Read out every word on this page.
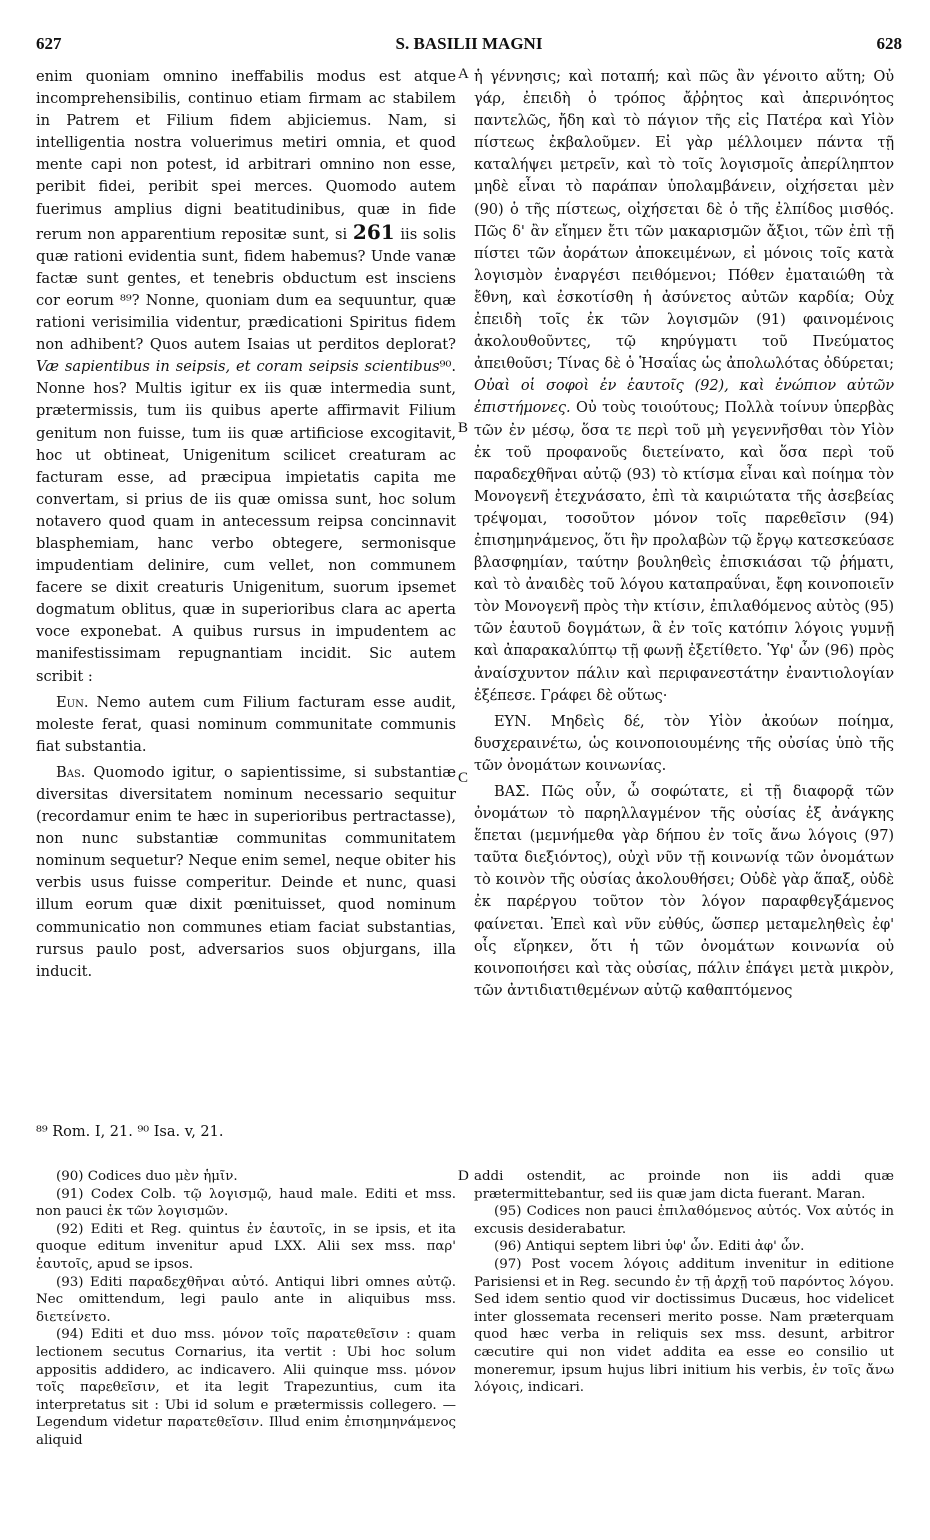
627	S. BASILII MAGNI	628

enim quoniam omnino ineffabilis modus est atque incomprehensibilis, continuo etiam firmam ac stabilem in Patrem et Filium fidem abjiciemus. Nam, si intelligentia nostra voluerimus metiri omnia, et quod mente capi non potest, id arbitrari omnino non esse, peribit fidei, peribit spei merces. Quomodo autem fuerimus amplius digni beatitudinibus, quæ in fide rerum non apparentium repositæ sunt, si 261 iis solis quæ rationi evidentia sunt, fidem habemus? Unde vanæ factæ sunt gentes, et tenebris obductum est insciens cor eorum ⁸⁹? Nonne, quoniam dum ea sequuntur, quæ rationi verisimilia videntur, prædicationi Spiritus fidem non adhibent? Quos autem Isaias ut perditos deplorat? Væ sapientibus in seipsis, et coram seipsis scientibus⁹⁰. Nonne hos? Multis igitur ex iis quæ intermedia sunt, prætermissis, tum iis quibus aperte affirmavit Filium genitum non fuisse, tum iis quæ artificiose excogitavit, hoc ut obtineat, Unigenitum scilicet creaturam ac facturam esse, ad præcipua impietatis capita me convertam, si prius de iis quæ omissa sunt, hoc solum notavero quod quam in antecessum reipsa concinnavit blasphemiam, hanc verbo obtegere, sermonisque impudentiam delinire, cum vellet, non communem facere se dixit creaturis Unigenitum, suorum ipsemet dogmatum oblitus, quæ in superioribus clara ac aperta voce exponebat. A quibus rursus in impudentem ac manifestissimam repugnantiam incidit. Sic autem scribit :

Eun. Nemo autem cum Filium facturam esse audit, moleste ferat, quasi nominum communitate communis fiat substantia.

Bas. Quomodo igitur, o sapientissime, si substantiæ diversitas diversitatem nominum necessario sequitur (recordamur enim te hæc in superioribus pertractasse), non nunc substantiæ communitas communitatem nominum sequetur? Neque enim semel, neque obiter his verbis usus fuisse comperitur. Deinde et nunc, quasi illum eorum quæ dixit pœnituisset, quod nominum communicatio non communes etiam faciat substantias, rursus paulo post, adversarios suos objurgans, illa inducit.

A
B
C
D

ἡ γέννησις; καὶ ποταπή; καὶ πῶς ἂν γένοιτο αὕτη; Οὐ γάρ, ἐπειδὴ ὁ τρόπος ἄῤῥητος καὶ ἀπερινόητος παντελῶς, ἤδη καὶ τὸ πάγιον τῆς εἰς Πατέρα καὶ Υἱὸν πίστεως ἐκβαλοῦμεν. Εἰ γὰρ μέλλοιμεν πάντα τῇ καταλήψει μετρεῖν, καὶ τὸ τοῖς λογισμοῖς ἀπερίληπτον μηδὲ εἶναι τὸ παράπαν ὑπολαμβάνειν, οἰχήσεται μὲν (90) ὁ τῆς πίστεως, οἰχήσεται δὲ ὁ τῆς ἐλπίδος μισθός. Πῶς δ' ἂν εἴημεν ἔτι τῶν μακαρισμῶν ἄξιοι, τῶν ἐπὶ τῇ πίστει τῶν ἀοράτων ἀποκειμένων, εἰ μόνοις τοῖς κατὰ λογισμὸν ἐναργέσι πειθόμενοι; Πόθεν ἐματαιώθη τὰ ἔθνη, καὶ ἐσκοτίσθη ἡ ἀσύνετος αὐτῶν καρδία; Οὐχ ἐπειδὴ τοῖς ἐκ τῶν λογισμῶν (91) φαινομένοις ἀκολουθοῦντες, τῷ κηρύγματι τοῦ Πνεύματος ἀπειθοῦσι; Τίνας δὲ ὁ Ἡσαΐας ὡς ἀπολωλότας ὀδύρεται; Οὐαὶ οἱ σοφοὶ ἐν ἑαυτοῖς (92), καὶ ἐνώπιον αὐτῶν ἐπιστήμονες. Οὐ τοὺς τοιούτους; Πολλὰ τοίνυν ὑπερβὰς τῶν ἐν μέσῳ, ὅσα τε περὶ τοῦ μὴ γεγεννῆσθαι τὸν Υἱὸν ἐκ τοῦ προφανοῦς διετείνατο, καὶ ὅσα περὶ τοῦ παραδεχθῆναι αὐτῷ (93) τὸ κτίσμα εἶναι καὶ ποίημα τὸν Μονογενῆ ἐτεχνάσατο, ἐπὶ τὰ καιριώτατα τῆς ἀσεβείας τρέψομαι, τοσοῦτον μόνον τοῖς παρεθεῖσιν (94) ἐπισημηνάμενος, ὅτι ἣν προλαβὼν τῷ ἔργῳ κατεσκεύασε βλασφημίαν, ταύτην βουληθεὶς ἐπισκιάσαι τῷ ῥήματι, καὶ τὸ ἀναιδὲς τοῦ λόγου καταπραΰναι, ἔφη κοινοποιεῖν τὸν Μονογενῆ πρὸς τὴν κτίσιν, ἐπιλαθόμενος αὐτὸς (95) τῶν ἑαυτοῦ δογμάτων, ἃ ἐν τοῖς κατόπιν λόγοις γυμνῇ καὶ ἀπαρακαλύπτῳ τῇ φωνῇ ἐξετίθετο. Ὑφ' ὧν (96) πρὸς ἀναίσχυντον πάλιν καὶ περιφανεστάτην ἐναντιολογίαν ἐξέπεσε. Γράφει δὲ οὕτως·

ΕΥΝ. Μηδεὶς δέ, τὸν Υἱὸν ἀκούων ποίημα, δυσχεραινέτω, ὡς κοινοποιουμένης τῆς οὐσίας ὑπὸ τῆς τῶν ὀνομάτων κοινωνίας.

ΒΑΣ. Πῶς οὖν, ὦ σοφώτατε, εἰ τῇ διαφορᾷ τῶν ὀνομάτων τὸ παρηλλαγμένον τῆς οὐσίας ἐξ ἀνάγκης ἕπεται (μεμνήμεθα γὰρ δήπου ἐν τοῖς ἄνω λόγοις (97) ταῦτα διεξιόντος), οὐχὶ νῦν τῇ κοινωνίᾳ τῶν ὀνομάτων τὸ κοινὸν τῆς οὐσίας ἀκολουθήσει; Οὐδὲ γὰρ ἅπαξ, οὐδὲ ἐκ παρέργου τοῦτον τὸν λόγον παραφθεγξάμενος φαίνεται. Ἐπεὶ καὶ νῦν εὐθύς, ὥσπερ μεταμεληθεὶς ἐφ' οἷς εἴρηκεν, ὅτι ἡ τῶν ὀνομάτων κοινωνία οὐ κοινοποιήσει καὶ τὰς οὐσίας, πάλιν ἐπάγει μετὰ μικρὸν, τῶν ἀντιδιατιθεμένων αὐτῷ καθαπτόμενος

⁸⁹ Rom. I, 21. ⁹⁰ Isa. v, 21.

(90) Codices duo μὲν ἡμῖν.

(91) Codex Colb. τῷ λογισμῷ, haud male. Editi et mss. non pauci ἐκ τῶν λογισμῶν.

(92) Editi et Reg. quintus ἐν ἑαυτοῖς, in se ipsis, et ita quoque editum invenitur apud LXX. Alii sex mss. παρ' ἑαυτοῖς, apud se ipsos.

(93) Editi παραδεχθῆναι αὐτό. Antiqui libri omnes αὐτῷ. Nec omittendum, legi paulo ante in aliquibus mss. διετείνετο.

(94) Editi et duo mss. μόνον τοῖς παρατεθεῖσιν : quam lectionem secutus Cornarius, ita vertit : Ubi hoc solum appositis addidero, ac indicavero. Alii quinque mss. μόνον τοῖς παρεθεῖσιν, et ita legit Trapezuntius, cum ita interpretatus sit : Ubi id solum e prætermissis collegero. — Legendum videtur παρατεθεῖσιν. Illud enim ἐπισημηνάμενος aliquid

addi ostendit, ac proinde non iis addi quæ prætermittebantur, sed iis quæ jam dicta fuerant. Maran.

(95) Codices non pauci ἐπιλαθόμενος αὐτός. Vox αὐτός in excusis desiderabatur.

(96) Antiqui septem libri ὑφ' ὧν. Editi ἀφ' ὧν.

(97) Post vocem λόγοις additum invenitur in editione Parisiensi et in Reg. secundo ἐν τῇ ἀρχῇ τοῦ παρόντος λόγου. Sed idem sentio quod vir doctissimus Ducæus, hoc videlicet inter glossemata recenseri merito posse. Nam præterquam quod hæc verba in reliquis sex mss. desunt, arbitror cæcutire qui non videt addita ea esse eo consilio ut moneremur, ipsum hujus libri initium his verbis, ἐν τοῖς ἄνω λόγοις, indicari.
